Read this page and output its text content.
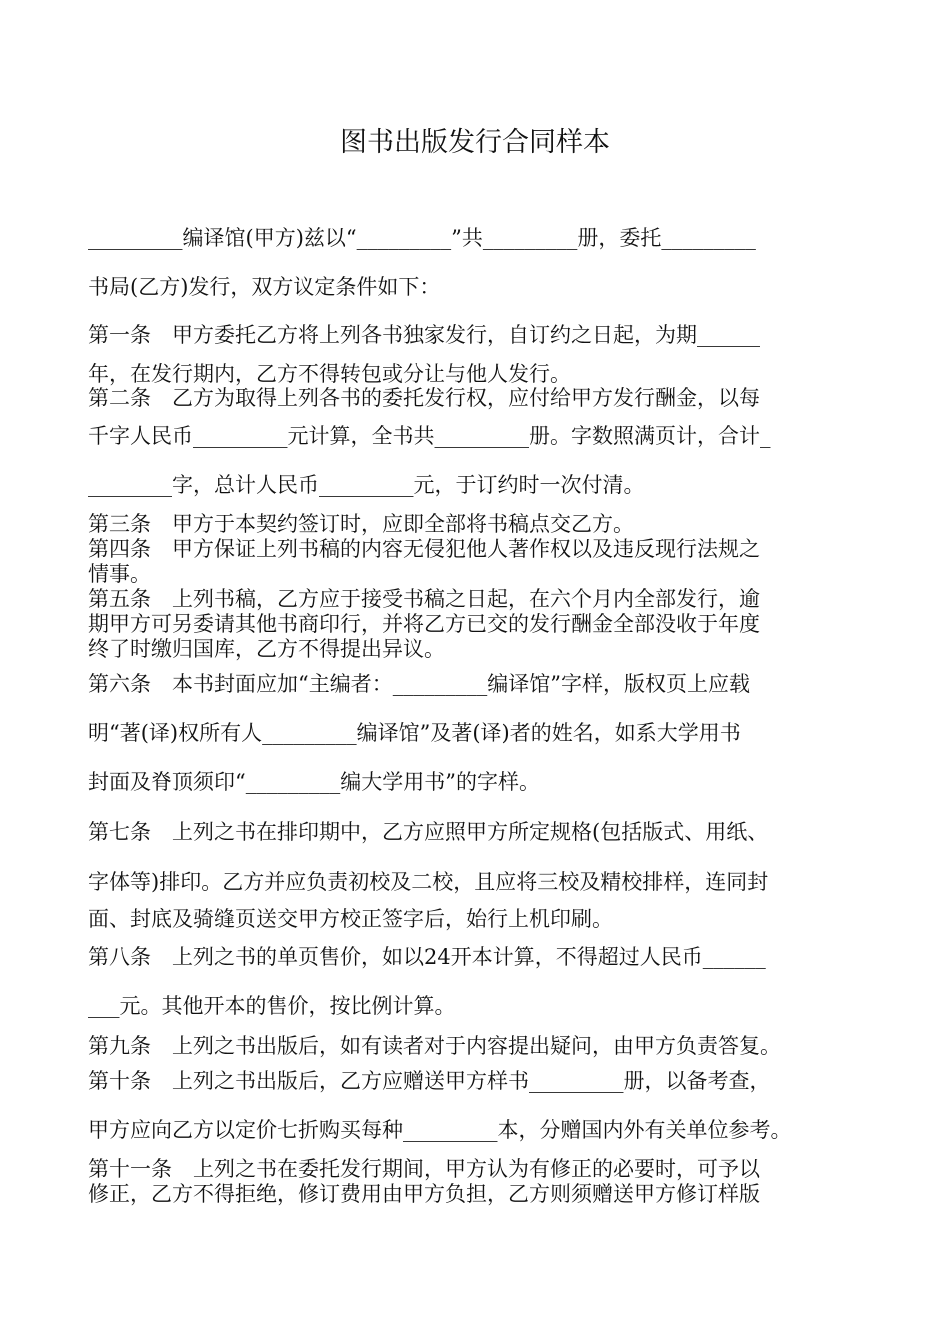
图书出版发行合同样本
_________编译馆(甲方)兹以“_________”共_________册，委托_________
书局(乙方)发行，双方议定条件如下：
第一条　甲方委托乙方将上列各书独家发行，自订约之日起，为期______
年，在发行期内，乙方不得转包或分让与他人发行。
第二条　乙方为取得上列各书的委托发行权，应付给甲方发行酬金，以每
千字人民币_________元计算，全书共_________册。字数照满页计，合计_
________字，总计人民币_________元，于订约时一次付清。
第三条　甲方于本契约签订时，应即全部将书稿点交乙方。
第四条　甲方保证上列书稿的内容无侵犯他人著作权以及违反现行法规之
情事。
第五条　上列书稿，乙方应于接受书稿之日起，在六个月内全部发行，逾
期甲方可另委请其他书商印行，并将乙方已交的发行酬金全部没收于年度
终了时缴归国库，乙方不得提出异议。
第六条　本书封面应加“主编者：_________编译馆”字样，版权页上应载
明“著(译)权所有人_________编译馆”及著(译)者的姓名，如系大学用书
封面及脊顶须印“_________编大学用书”的字样。
第七条　上列之书在排印期中，乙方应照甲方所定规格(包括版式、用纸、
字体等)排印。乙方并应负责初校及二校，且应将三校及精校排样，连同封
面、封底及骑缝页送交甲方校正签字后，始行上机印刷。
第八条　上列之书的单页售价，如以24开本计算，不得超过人民币______
___元。其他开本的售价，按比例计算。
第九条　上列之书出版后，如有读者对于内容提出疑问，由甲方负责答复。
第十条　上列之书出版后，乙方应赠送甲方样书_________册，以备考查，
甲方应向乙方以定价七折购买每种_________本，分赠国内外有关单位参考。
第十一条　上列之书在委托发行期间，甲方认为有修正的必要时，可予以
修正，乙方不得拒绝，修订费用由甲方负担，乙方则须赠送甲方修订样版
